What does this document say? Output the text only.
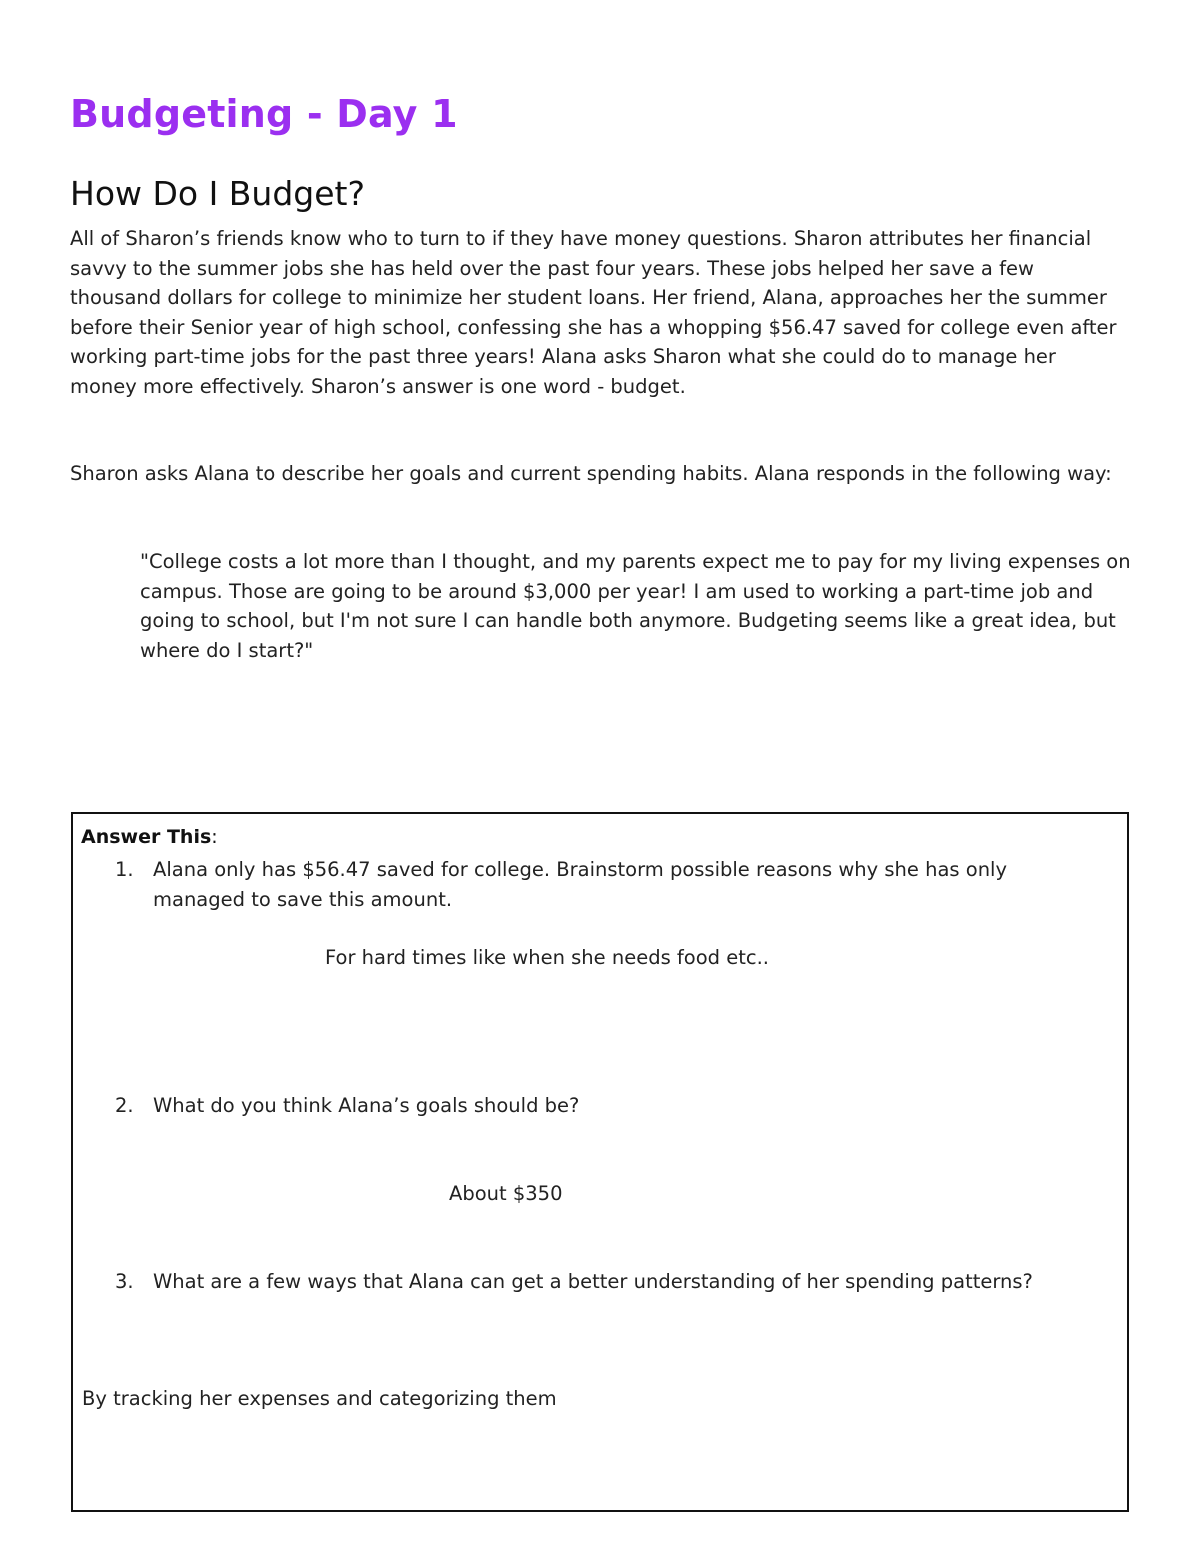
Budgeting - Day 1
How Do I Budget?

All of Sharon’s friends know who to turn to if they have money questions. Sharon attributes her financial savvy to the summer jobs she has held over the past four years. These jobs helped her save a few thousand dollars for college to minimize her student loans. Her friend, Alana, approaches her the summer before their Senior year of high school, confessing she has a whopping $56.47 saved for college even after working part-time jobs for the past three years! Alana asks Sharon what she could do to manage her money more effectively. Sharon’s answer is one word - budget.

Sharon asks Alana to describe her goals and current spending habits. Alana responds in the following way:

"College costs a lot more than I thought, and my parents expect me to pay for my living expenses on campus. Those are going to be around $3,000 per year! I am used to working a part-time job and going to school, but I'm not sure I can handle both anymore. Budgeting seems like a great idea, but where do I start?"

Answer This:

1. Alana only has $56.47 saved for college. Brainstorm possible reasons why she has only managed to save this amount.

For hard times like when she needs food etc..

2. What do you think Alana’s goals should be?

About $350

3. What are a few ways that Alana can get a better understanding of her spending patterns?

By tracking her expenses and categorizing them
